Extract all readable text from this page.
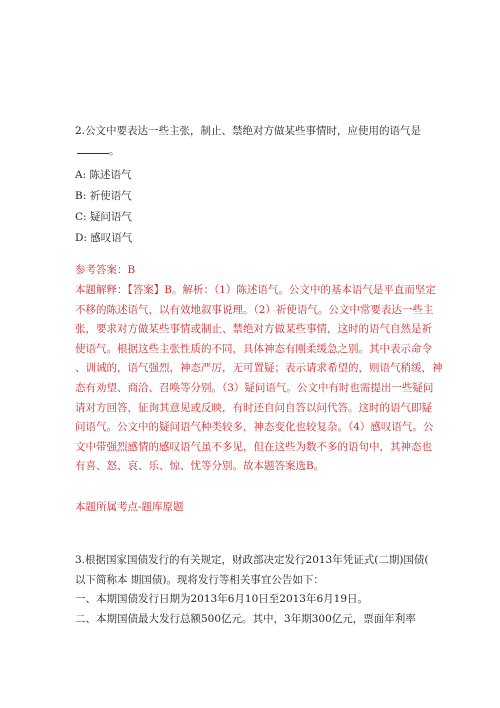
2.公文中要表达一些主张，制止、禁绝对方做某些事情时，应使用的语气是
。
A: 陈述语气
B: 祈使语气
C: 疑问语气
D: 感叹语气
参考答案：B
本题解释：【答案】B。解析：（1）陈述语气。公文中的基本语气是平直而坚定
不移的陈述语气，以有效地叙事说理。（2）祈使语气。公文中常要表达一些主
张，要求对方做某些事情或制止、禁绝对方做某些事情，这时的语气自然是祈
使语气。根据这些主张性质的不同，具体神态有刚柔缓急之别。其中表示命令
、训诫的，语气强烈，神态严厉，无可置疑；表示请求希望的，则语气稍缓，神
态有劝望、商洽、召唤等分别。（3）疑问语气。公文中有时也需提出一些疑问
请对方回答，征询其意见或反映，有时还自问自答以问代答。这时的语气即疑
问语气。公文中的疑问语气种类较多，神态变化也较复杂。（4）感叹语气。公
文中带强烈感情的感叹语气虽不多见，但在这些为数不多的语句中，其神态也
有喜、怒、哀、乐、惊、忧等分别。故本题答案选B。
本题所属考点-题库原题
3.根据国家国债发行的有关规定，财政部决定发行2013年凭证式(二期)国债(
以下简称本 期国债)。现将发行等相关事宜公告如下：
一、本期国债发行日期为2013年6月10日至2013年6月19日。
二、本期国债最大发行总额500亿元。其中，3年期300亿元，票面年利率
